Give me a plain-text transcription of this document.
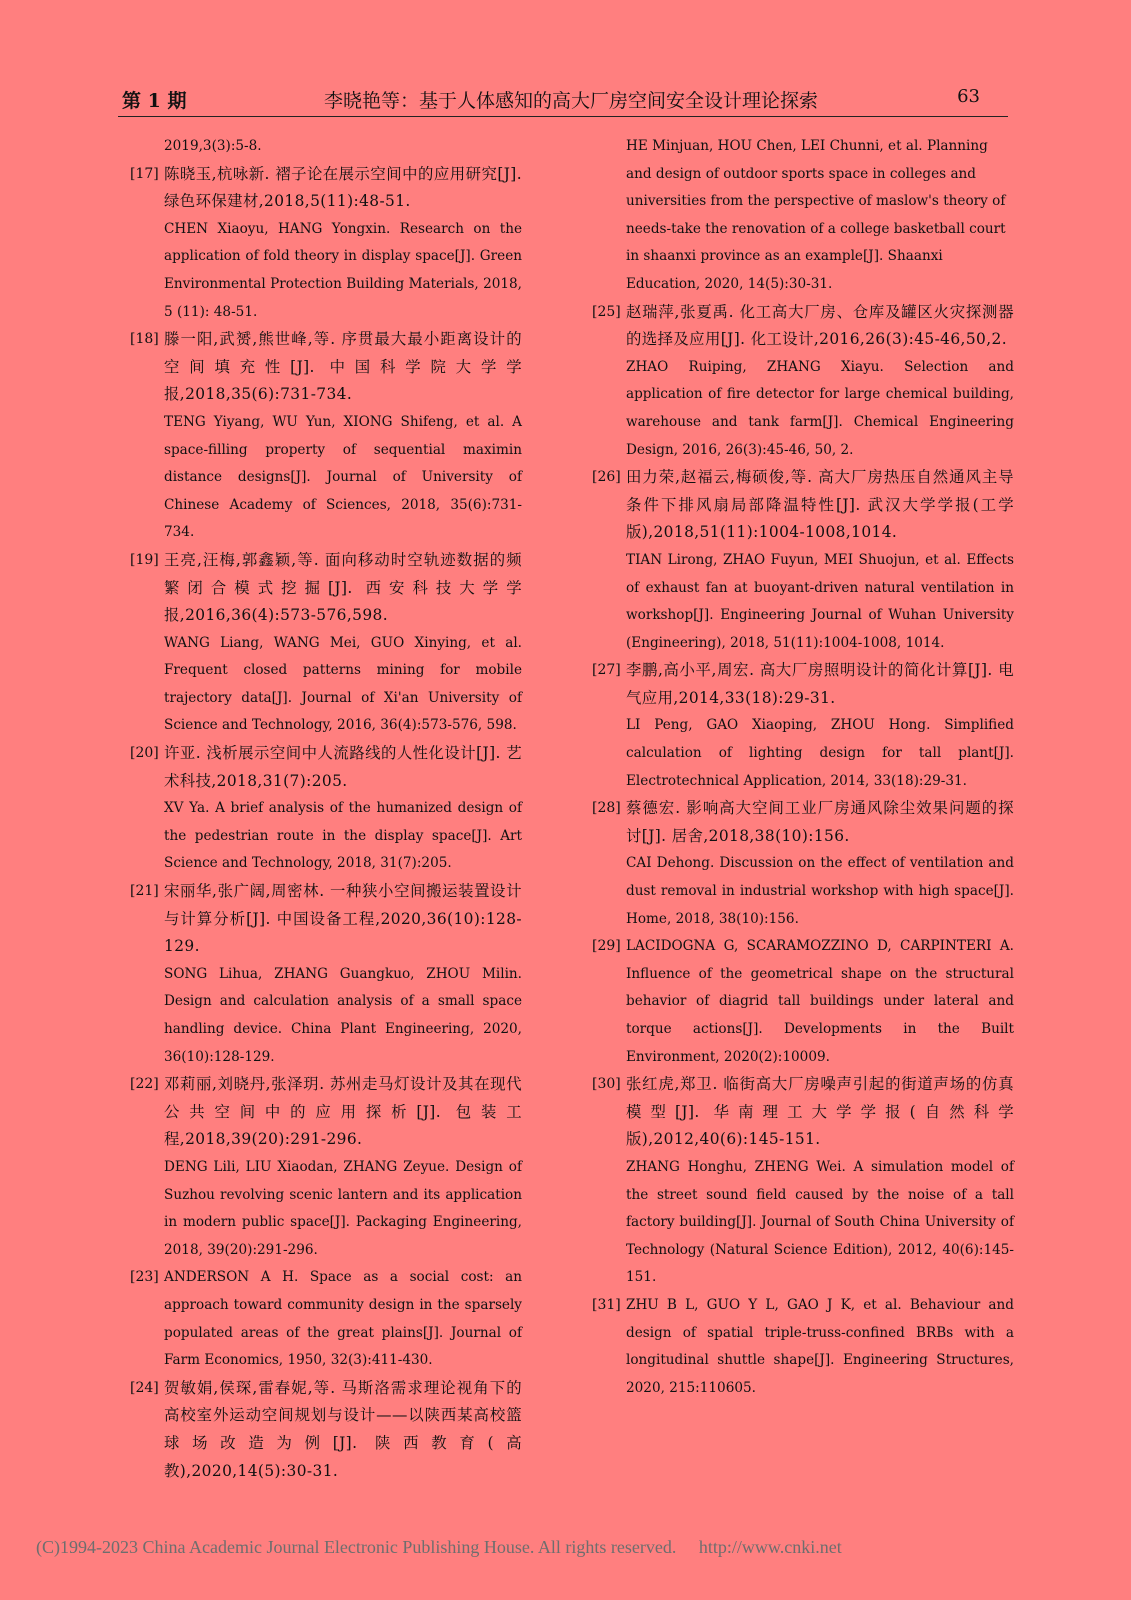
第 1 期	李晓艳等：基于人体感知的高大厂房空间安全设计理论探索	63

2019,3(3):5-8.

[17] 陈晓玉,杭咏新. 褶子论在展示空间中的应用研究[J]. 绿色环保建材,2018,5(11):48-51.

CHEN Xiaoyu, HANG Yongxin. Research on the application of fold theory in display space[J]. Green Environmental Protection Building Materials, 2018, 5 (11): 48-51.

[18] 滕一阳,武赟,熊世峰,等. 序贯最大最小距离设计的空间填充性[J]. 中国科学院大学学报,2018,35(6):731-734.

TENG Yiyang, WU Yun, XIONG Shifeng, et al. A space-filling property of sequential maximin distance designs[J]. Journal of University of Chinese Academy of Sciences, 2018, 35(6):731-734.

[19] 王亮,汪梅,郭鑫颖,等. 面向移动时空轨迹数据的频繁闭合模式挖掘[J]. 西安科技大学学报,2016,36(4):573-576,598.

WANG Liang, WANG Mei, GUO Xinying, et al. Frequent closed patterns mining for mobile trajectory data[J]. Journal of Xi'an University of Science and Technology, 2016, 36(4):573-576, 598.

[20] 许亚. 浅析展示空间中人流路线的人性化设计[J]. 艺术科技,2018,31(7):205.

XV Ya. A brief analysis of the humanized design of the pedestrian route in the display space[J]. Art Science and Technology, 2018, 31(7):205.

[21] 宋丽华,张广阔,周密林. 一种狭小空间搬运装置设计与计算分析[J]. 中国设备工程,2020,36(10):128-129.

SONG Lihua, ZHANG Guangkuo, ZHOU Milin. Design and calculation analysis of a small space handling device. China Plant Engineering, 2020, 36(10):128-129.

[22] 邓莉丽,刘晓丹,张泽玥. 苏州走马灯设计及其在现代公共空间中的应用探析[J]. 包装工程,2018,39(20):291-296.

DENG Lili, LIU Xiaodan, ZHANG Zeyue. Design of Suzhou revolving scenic lantern and its application in modern public space[J]. Packaging Engineering, 2018, 39(20):291-296.

[23] ANDERSON A H. Space as a social cost: an approach toward community design in the sparsely populated areas of the great plains[J]. Journal of Farm Economics, 1950, 32(3):411-430.

[24] 贺敏娟,侯琛,雷春妮,等. 马斯洛需求理论视角下的高校室外运动空间规划与设计——以陕西某高校篮球场改造为例[J]. 陕西教育(高教),2020,14(5):30-31.

HE Minjuan, HOU Chen, LEI Chunni, et al. Planning and design of outdoor sports space in colleges and universities from the perspective of maslow's theory of needs-take the renovation of a college basketball court in shaanxi province as an example[J]. Shaanxi Education, 2020, 14(5):30-31.

[25] 赵瑞萍,张夏禹. 化工高大厂房、仓库及罐区火灾探测器的选择及应用[J]. 化工设计,2016,26(3):45-46,50,2.

ZHAO Ruiping, ZHANG Xiayu. Selection and application of fire detector for large chemical building, warehouse and tank farm[J]. Chemical Engineering Design, 2016, 26(3):45-46, 50, 2.

[26] 田力荣,赵福云,梅硕俊,等. 高大厂房热压自然通风主导条件下排风扇局部降温特性[J]. 武汉大学学报(工学版),2018,51(11):1004-1008,1014.

TIAN Lirong, ZHAO Fuyun, MEI Shuojun, et al. Effects of exhaust fan at buoyant-driven natural ventilation in workshop[J]. Engineering Journal of Wuhan University (Engineering), 2018, 51(11):1004-1008, 1014.

[27] 李鹏,高小平,周宏. 高大厂房照明设计的简化计算[J]. 电气应用,2014,33(18):29-31.

LI Peng, GAO Xiaoping, ZHOU Hong. Simplified calculation of lighting design for tall plant[J]. Electrotechnical Application, 2014, 33(18):29-31.

[28] 蔡德宏. 影响高大空间工业厂房通风除尘效果问题的探讨[J]. 居舍,2018,38(10):156.

CAI Dehong. Discussion on the effect of ventilation and dust removal in industrial workshop with high space[J]. Home, 2018, 38(10):156.

[29] LACIDOGNA G, SCARAMOZZINO D, CARPINTERI A. Influence of the geometrical shape on the structural behavior of diagrid tall buildings under lateral and torque actions[J]. Developments in the Built Environment, 2020(2):10009.

[30] 张红虎,郑卫. 临街高大厂房噪声引起的街道声场的仿真模型[J]. 华南理工大学学报(自然科学版),2012,40(6):145-151.

ZHANG Honghu, ZHENG Wei. A simulation model of the street sound field caused by the noise of a tall factory building[J]. Journal of South China University of Technology (Natural Science Edition), 2012, 40(6):145-151.

[31] ZHU B L, GUO Y L, GAO J K, et al. Behaviour and design of spatial triple-truss-confined BRBs with a longitudinal shuttle shape[J]. Engineering Structures, 2020, 215:110605.

(C)1994-2023 China Academic Journal Electronic Publishing House. All rights reserved. http://www.cnki.net
